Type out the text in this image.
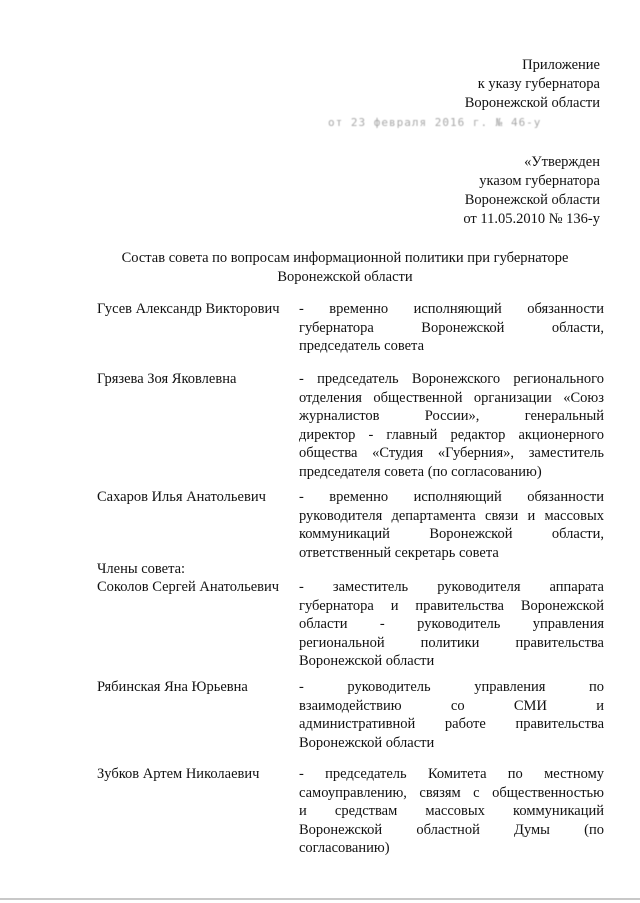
Приложение
к указу губернатора
Воронежской области
от 23 февраля 2016 г. № 46-у
«Утвержден
указом губернатора
Воронежской области
от 11.05.2010 № 136-у
Состав совета по вопросам информационной политики при губернаторе
Воронежской области
Гусев Александр Викторович	- временно исполняющий обязанности
губернатора Воронежской области,
председатель совета
Грязева Зоя Яковлевна	- председатель Воронежского регионального
отделения общественной организации «Союз
журналистов России», генеральный
директор - главный редактор акционерного
общества «Студия «Губерния», заместитель
председателя совета (по согласованию)
Сахаров Илья Анатольевич	- временно исполняющий обязанности
руководителя департамента связи и массовых
коммуникаций Воронежской области,
ответственный секретарь совета
Члены совета:
Соколов Сергей Анатольевич	- заместитель руководителя аппарата
губернатора и правительства Воронежской
области - руководитель управления
региональной политики правительства
Воронежской области
Рябинская Яна Юрьевна	- руководитель управления по
взаимодействию со СМИ и
административной работе правительства
Воронежской области
Зубков Артем Николаевич	- председатель Комитета по местному
самоуправлению, связям с общественностью
и средствам массовых коммуникаций
Воронежской областной Думы (по
согласованию)
